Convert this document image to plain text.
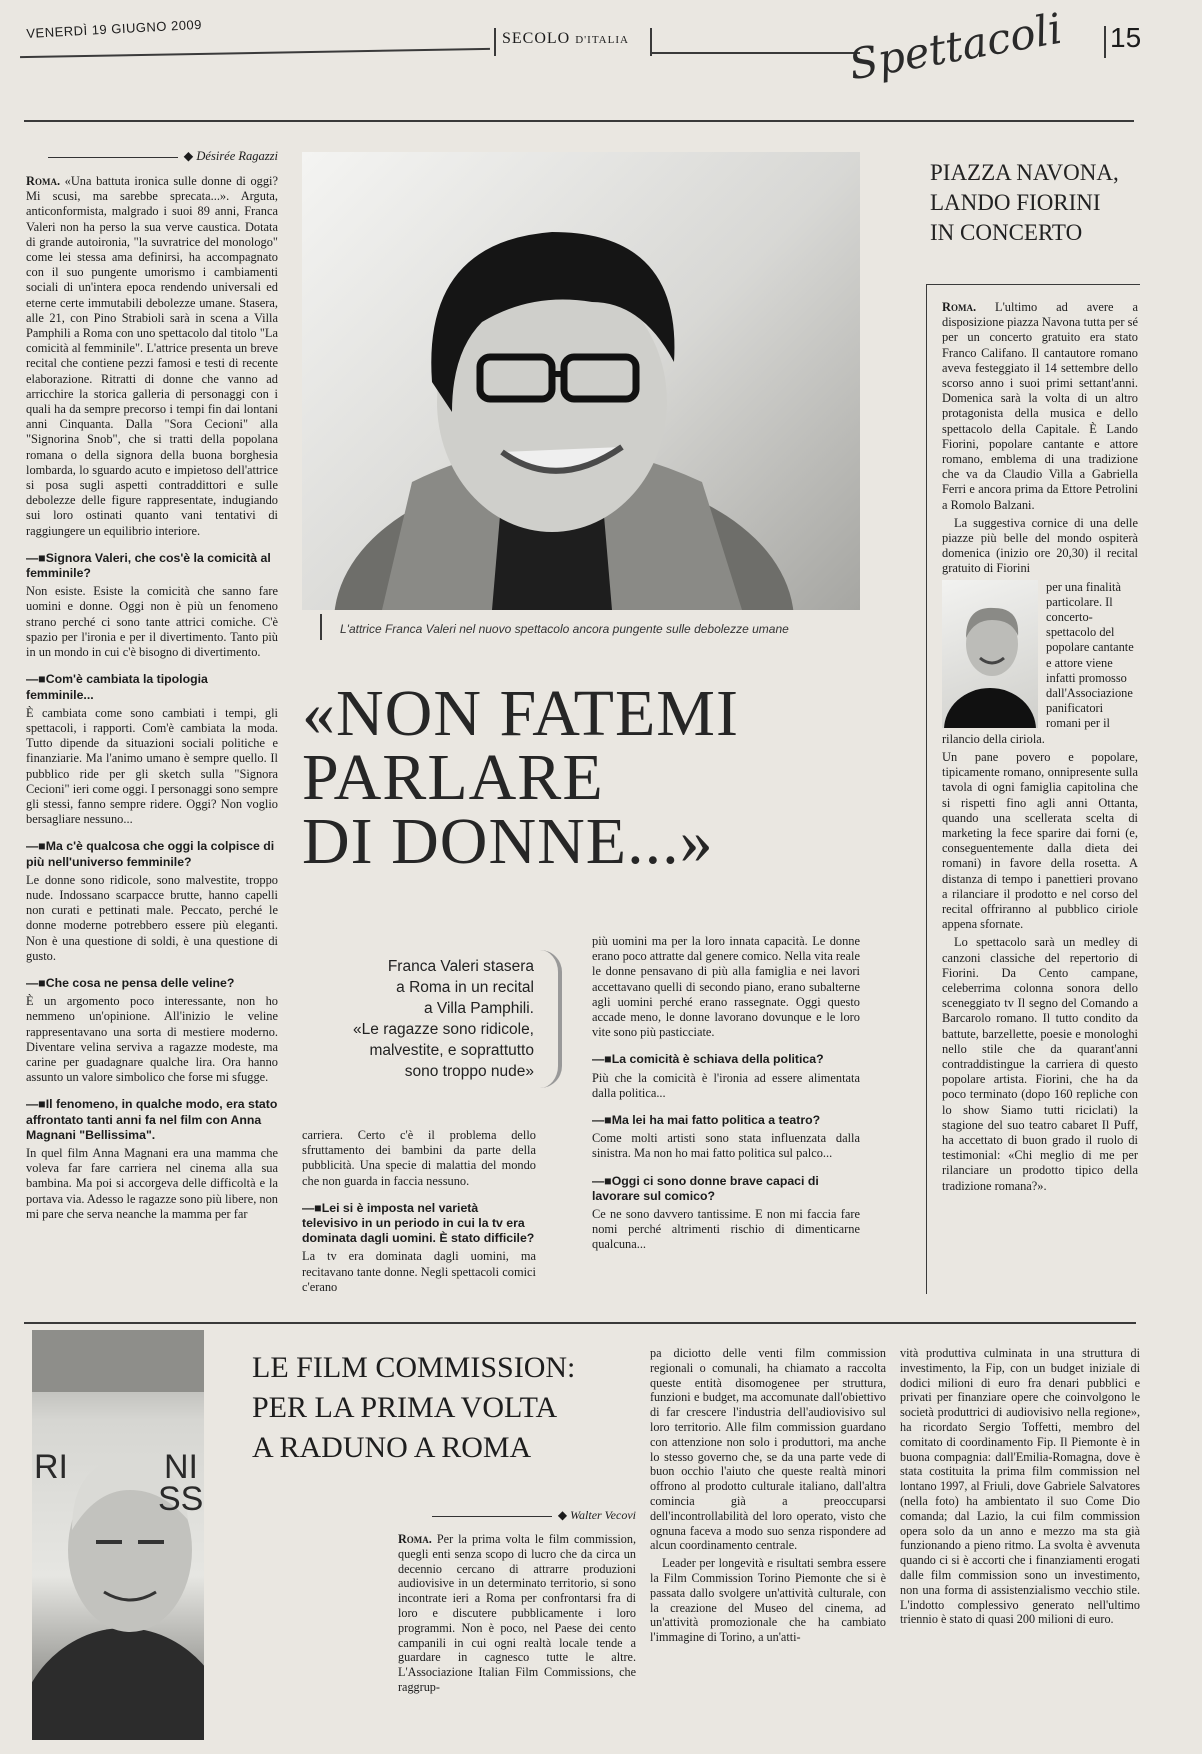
VENERDÌ 19 GIUGNO 2009	SECOLO D'ITALIA	Spettacoli 15
◆ Désirée Ragazzi

Roma. «Una battuta ironica sulle donne di oggi? Mi scusi, ma sarebbe sprecata...». Arguta, anticonformista, malgrado i suoi 89 anni, Franca Valeri non ha perso la sua verve caustica. Dotata di grande autoironia, "la suvratrice del monologo" come lei stessa ama definirsi, ha accompagnato con il suo pungente umorismo i cambiamenti sociali di un'intera epoca rendendo universali ed eterne certe immutabili debolezze umane. Stasera, alle 21, con Pino Strabioli sarà in scena a Villa Pamphili a Roma con uno spettacolo dal titolo "La comicità al femminile". L'attrice presenta un breve recital che contiene pezzi famosi e testi di recente elaborazione. Ritratti di donne che vanno ad arricchire la storica galleria di personaggi con i quali ha da sempre precorso i tempi fin dai lontani anni Cinquanta. Dalla "Sora Cecioni" alla "Signorina Snob", che si tratti della popolana romana o della signora della buona borghesia lombarda, lo sguardo acuto e impietoso dell'attrice si posa sugli aspetti contraddittori e sulle debolezze delle figure rappresentate, indugiando sui loro ostinati quanto vani tentativi di raggiungere un equilibrio interiore.

—■ Signora Valeri, che cos'è la comicità al femminile?

Non esiste. Esiste la comicità che sanno fare uomini e donne. Oggi non è più un fenomeno strano perché ci sono tante attrici comiche. C'è spazio per l'ironia e per il divertimento. Tanto più in un mondo in cui c'è bisogno di divertimento.

—■ Com'è cambiata la tipologia femminile...

È cambiata come sono cambiati i tempi, gli spettacoli, i rapporti. Com'è cambiata la moda. Tutto dipende da situazioni sociali politiche e finanziarie. Ma l'animo umano è sempre quello. Il pubblico ride per gli sketch sulla "Signora Cecioni" ieri come oggi. I personaggi sono sempre gli stessi, fanno sempre ridere. Oggi? Non voglio bersagliare nessuno...

—■ Ma c'è qualcosa che oggi la colpisce di più nell'universo femminile?

Le donne sono ridicole, sono malvestite, troppo nude. Indossano scarpacce brutte, hanno capelli non curati e pettinati male. Peccato, perché le donne moderne potrebbero essere più eleganti. Non è una questione di soldi, è una questione di gusto.

—■ Che cosa ne pensa delle veline?

È un argomento poco interessante, non ho nemmeno un'opinione. All'inizio le veline rappresentavano una sorta di mestiere moderno. Diventare velina serviva a ragazze modeste, ma carine per guadagnare qualche lira. Ora hanno assunto un valore simbolico che forse mi sfugge.

—■ Il fenomeno, in qualche modo, era stato affrontato tanti anni fa nel film con Anna Magnani "Bellissima".

In quel film Anna Magnani era una mamma che voleva far fare carriera nel cinema alla sua bambina. Ma poi si accorgeva delle difficoltà e la portava via. Adesso le ragazze sono più libere, non mi pare che serva neanche la mamma per far

L'attrice Franca Valeri nel nuovo spettacolo ancora pungente sulle debolezze umane
«NON FATEMI
PARLARE
DI DONNE...»
Franca Valeri stasera
a Roma in un recital
a Villa Pamphili.
«Le ragazze sono ridicole,
malvestite, e soprattutto
sono troppo nude»

carriera. Certo c'è il problema dello sfruttamento dei bambini da parte della pubblicità. Una specie di malattia del mondo che non guarda in faccia nessuno.

—■ Lei si è imposta nel varietà televisivo in un periodo in cui la tv era dominata dagli uomini. È stato difficile?

La tv era dominata dagli uomini, ma recitavano tante donne. Negli spettacoli comici c'erano

più uomini ma per la loro innata capacità. Le donne erano poco attratte dal genere comico. Nella vita reale le donne pensavano di più alla famiglia e nei lavori accettavano quelli di secondo piano, erano subalterne agli uomini perché erano rassegnate. Oggi questo accade meno, le donne lavorano dovunque e le loro vite sono più pasticciate.

—■ La comicità è schiava della politica?

Più che la comicità è l'ironia ad essere alimentata dalla politica...

—■ Ma lei ha mai fatto politica a teatro?

Come molti artisti sono stata influenzata dalla sinistra. Ma non ho mai fatto politica sul palco...

—■ Oggi ci sono donne brave capaci di lavorare sul comico?

Ce ne sono davvero tantissime. E non mi faccia fare nomi perché altrimenti rischio di dimenticarne qualcuna...

PIAZZA NAVONA,
LANDO FIORINI
IN CONCERTO

Roma. L'ultimo ad avere a disposizione piazza Navona tutta per sé per un concerto gratuito era stato Franco Califano. Il cantautore romano aveva festeggiato il 14 settembre dello scorso anno i suoi primi settant'anni. Domenica sarà la volta di un altro protagonista della musica e dello spettacolo della Capitale. È Lando Fiorini, popolare cantante e attore romano, emblema di una tradizione che va da Claudio Villa a Gabriella Ferri e ancora prima da Ettore Petrolini a Romolo Balzani.

La suggestiva cornice di una delle piazze più belle del mondo ospiterà domenica (inizio ore 20,30) il recital gratuito di Fiorini

per una finalità particolare. Il concerto-spettacolo del popolare cantante e attore viene infatti promosso dall'Associazione panificatori romani per il rilancio della ciriola.

Un pane povero e popolare, tipicamente romano, onnipresente sulla tavola di ogni famiglia capitolina che si rispetti fino agli anni Ottanta, quando una scellerata scelta di marketing la fece sparire dai forni (e, conseguentemente dalla dieta dei romani) in favore della rosetta. A distanza di tempo i panettieri provano a rilanciare il prodotto e nel corso del recital offriranno al pubblico ciriole appena sfornate.

Lo spettacolo sarà un medley di canzoni classiche del repertorio di Fiorini. Da Cento campane, celeberrima colonna sonora dello sceneggiato tv Il segno del Comando a Barcarolo romano. Il tutto condito da battute, barzellette, poesie e monologhi nello stile che da quarant'anni contraddistingue la carriera di questo popolare artista. Fiorini, che ha da poco terminato (dopo 160 repliche con lo show Siamo tutti riciclati) la stagione del suo teatro cabaret Il Puff, ha accettato di buon grado il ruolo di testimonial: «Chi meglio di me per rilanciare un prodotto tipico della tradizione romana?».

RI	NI
SS
LE FILM COMMISSION:
PER LA PRIMA VOLTA
A RADUNO A ROMA
◆ Walter Vecovi

Roma. Per la prima volta le film commission, quegli enti senza scopo di lucro che da circa un decennio cercano di attrarre produzioni audiovisive in un determinato territorio, si sono incontrate ieri a Roma per confrontarsi fra di loro e discutere pubblicamente i loro programmi. Non è poco, nel Paese dei cento campanili in cui ogni realtà locale tende a guardare in cagnesco tutte le altre. L'Associazione Italian Film Commissions, che raggrup-

pa diciotto delle venti film commission regionali o comunali, ha chiamato a raccolta queste entità disomogenee per struttura, funzioni e budget, ma accomunate dall'obiettivo di far crescere l'industria dell'audiovisivo sul loro territorio. Alle film commission guardano con attenzione non solo i produttori, ma anche lo stesso governo che, se da una parte vede di buon occhio l'aiuto che queste realtà minori offrono al prodotto culturale italiano, dall'altra comincia già a preoccuparsi dell'incontrollabilità del loro operato, visto che ognuna faceva a modo suo senza rispondere ad alcun coordinamento centrale.

Leader per longevità e risultati sembra essere la Film Commission Torino Piemonte che si è passata dallo svolgere un'attività culturale, con la creazione del Museo del cinema, ad un'attività promozionale che ha cambiato l'immagine di Torino, a un'atti-

vità produttiva culminata in una struttura di investimento, la Fip, con un budget iniziale di dodici milioni di euro fra denari pubblici e privati per finanziare opere che coinvolgono le società produttrici di audiovisivo nella regione», ha ricordato Sergio Toffetti, membro del comitato di coordinamento Fip. Il Piemonte è in buona compagnia: dall'Emilia-Romagna, dove è stata costituita la prima film commission nel lontano 1997, al Friuli, dove Gabriele Salvatores (nella foto) ha ambientato il suo Come Dio comanda; dal Lazio, la cui film commission opera solo da un anno e mezzo ma sta già funzionando a pieno ritmo. La svolta è avvenuta quando ci si è accorti che i finanziamenti erogati dalle film commission sono un investimento, non una forma di assistenzialismo vecchio stile. L'indotto complessivo generato nell'ultimo triennio è stato di quasi 200 milioni di euro.
